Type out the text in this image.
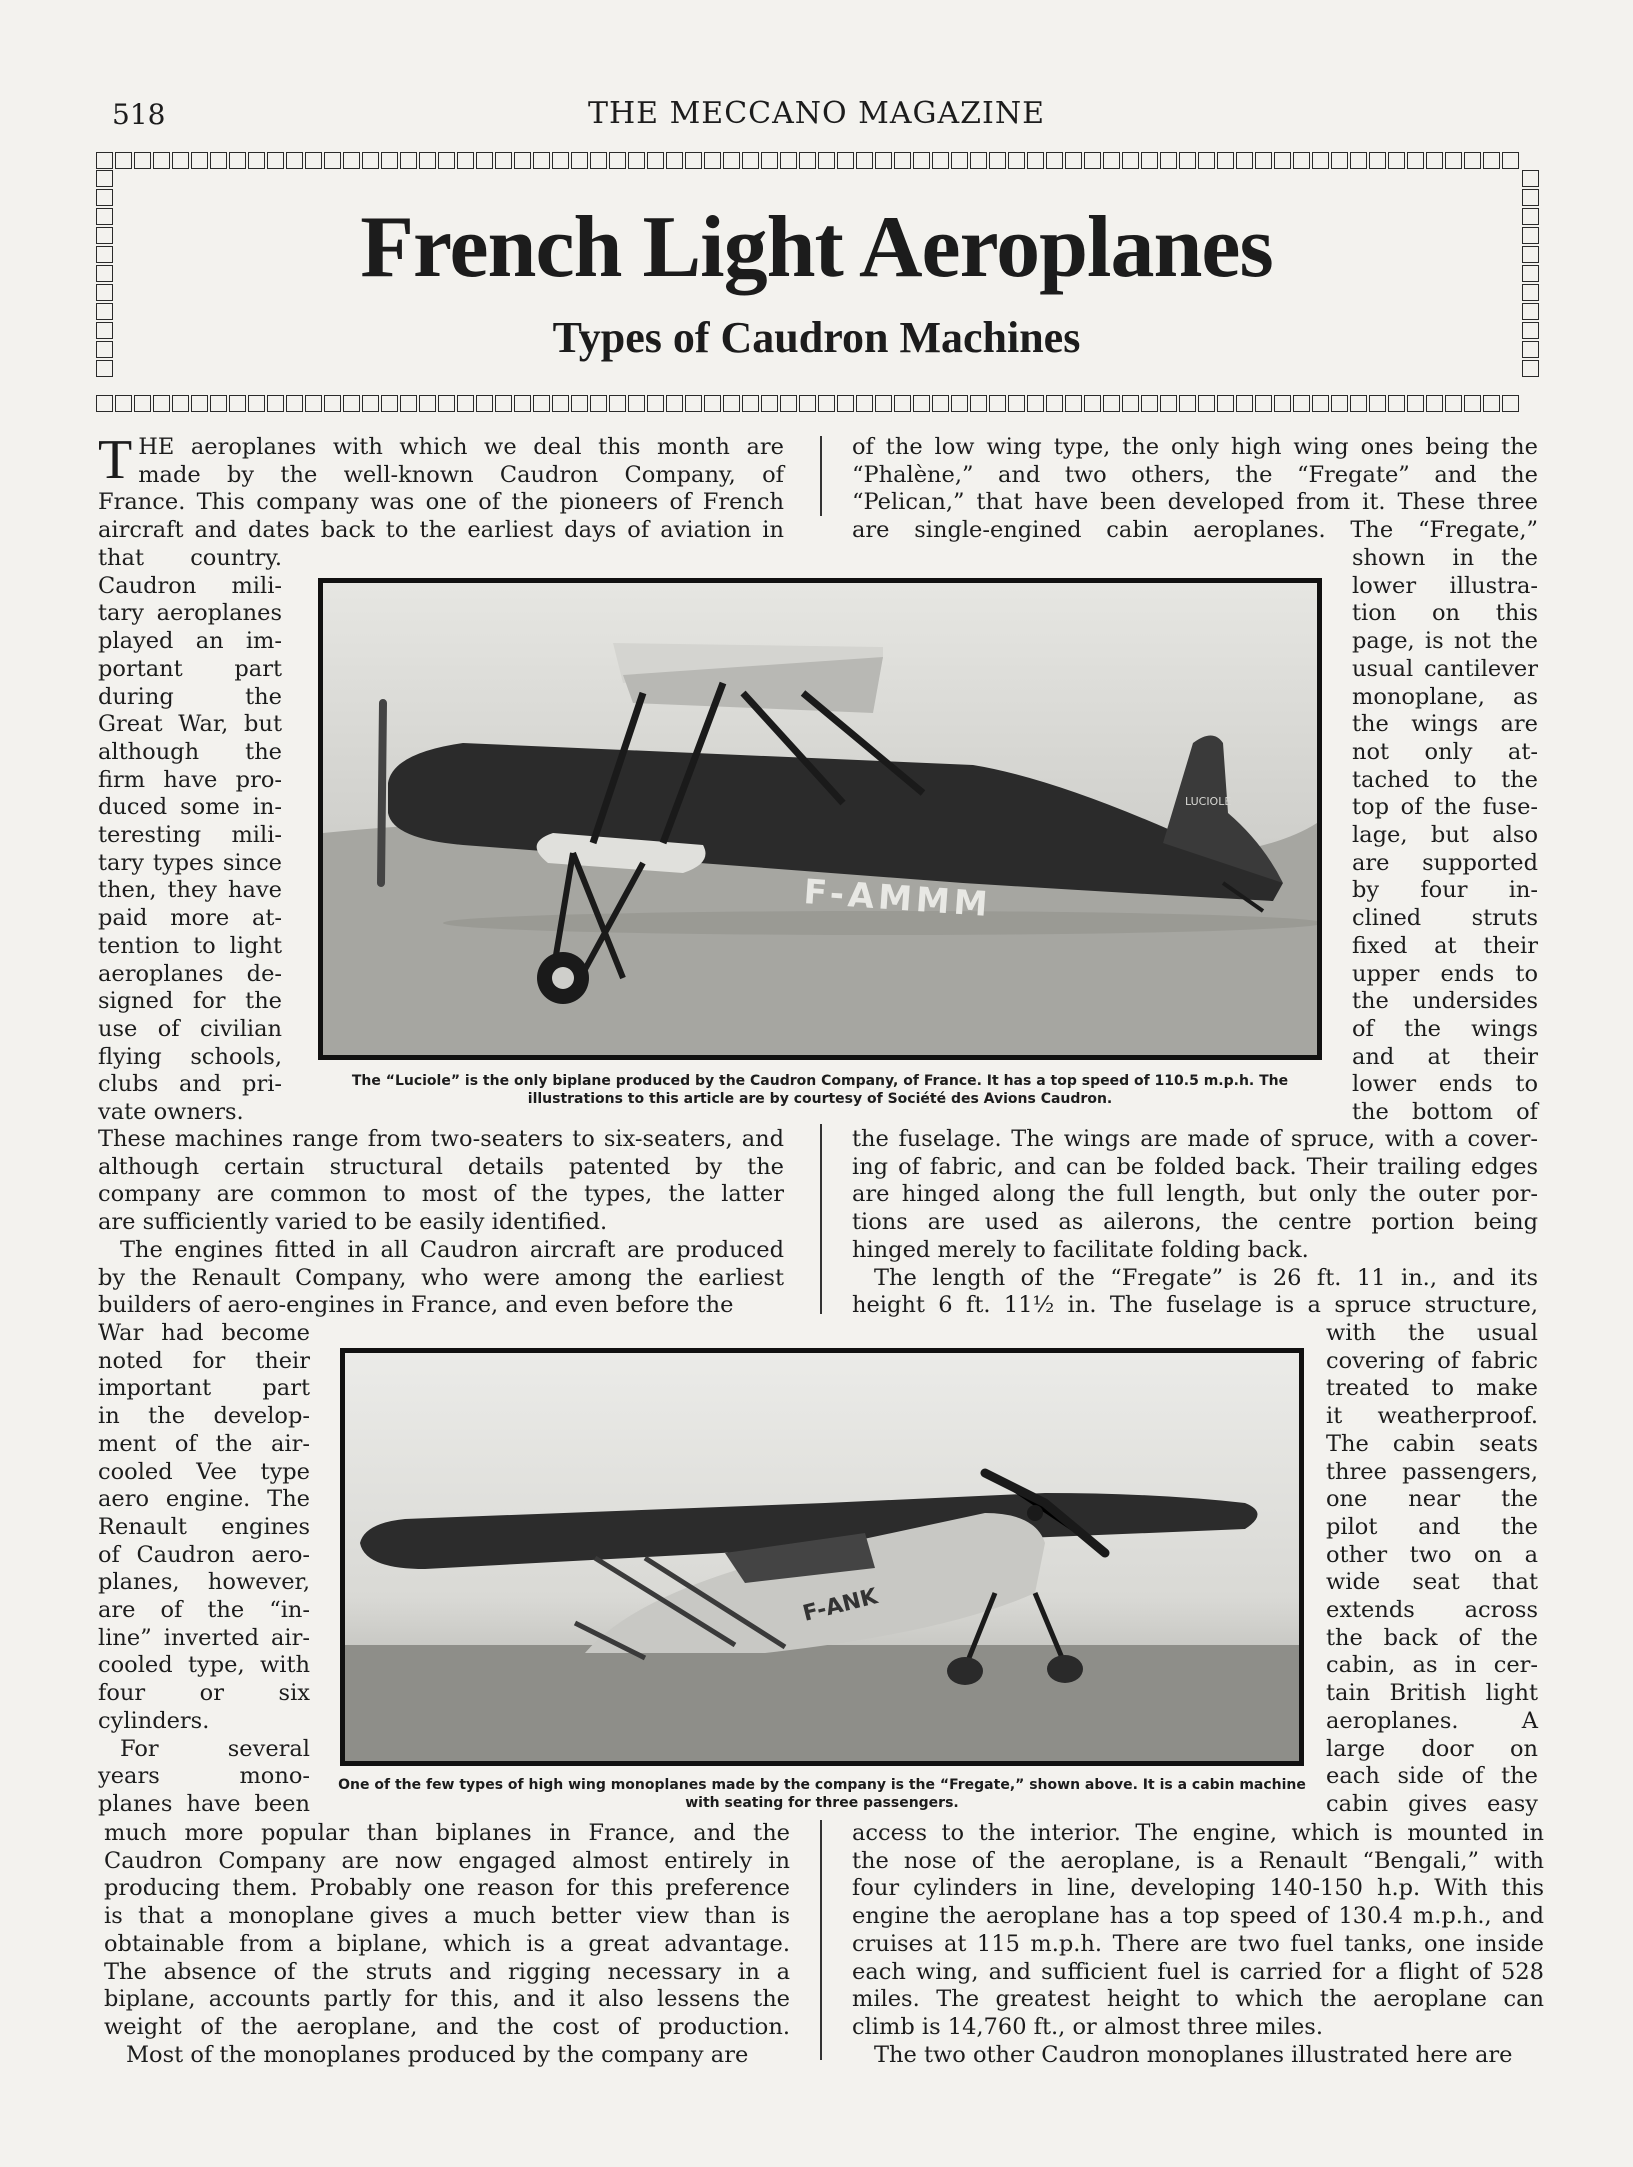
518	THE MECCANO MAGAZINE
French Light Aeroplanes
Types of Caudron Machines
T HE aeroplanes with which we deal this month are
made by the well-known Caudron Company, of
France. This company was one of the pioneers of French
aircraft and dates back to the earliest days of aviation in
that country.
Caudron mili-
tary aeroplanes
played an im-
portant part
during the
Great War, but
although the
firm have pro-
duced some in-
teresting mili-
tary types since
then, they have
paid more at-
tention to light
aeroplanes de-
signed for the
use of civilian
flying schools,
clubs and pri-
vate owners.
These machines range from two-seaters to six-seaters, and
although certain structural details patented by the
company are common to most of the types, the latter
are sufficiently varied to be easily identified.
The engines fitted in all Caudron aircraft are produced
by the Renault Company, who were among the earliest
builders of aero-engines in France, and even before the
War had become
noted for their
important part
in the develop-
ment of the air-
cooled Vee type
aero engine. The
Renault engines
of Caudron aero-
planes, however,
are of the “in-
line” inverted air-
cooled type, with
four or six
cylinders.
For several
years mono-
planes have been
much more popular than biplanes in France, and the
Caudron Company are now engaged almost entirely in
producing them. Probably one reason for this preference
is that a monoplane gives a much better view than is
obtainable from a biplane, which is a great advantage.
The absence of the struts and rigging necessary in a
biplane, accounts partly for this, and it also lessens the
weight of the aeroplane, and the cost of production.
Most of the monoplanes produced by the company are
of the low wing type, the only high wing ones being the
“Phalène,” and two others, the “Fregate” and the
“Pelican,” that have been developed from it. These three
are single-engined cabin aeroplanes. The “Fregate,”
shown in the
lower illustra-
tion on this
page, is not the
usual cantilever
monoplane, as
the wings are
not only at-
tached to the
top of the fuse-
lage, but also
are supported
by four in-
clined struts
fixed at their
upper ends to
the undersides
of the wings
and at their
lower ends to
the bottom of
the fuselage. The wings are made of spruce, with a cover-
ing of fabric, and can be folded back. Their trailing edges
are hinged along the full length, but only the outer por-
tions are used as ailerons, the centre portion being
hinged merely to facilitate folding back.
The length of the “Fregate” is 26 ft. 11 in., and its
height 6 ft. 11½ in. The fuselage is a spruce structure,
with the usual
covering of fabric
treated to make
it weatherproof.
The cabin seats
three passengers,
one near the
pilot and the
other two on a
wide seat that
extends across
the back of the
cabin, as in cer-
tain British light
aeroplanes. A
large door on
each side of the
cabin gives easy
access to the interior. The engine, which is mounted in
the nose of the aeroplane, is a Renault “Bengali,” with
four cylinders in line, developing 140-150 h.p. With this
engine the aeroplane has a top speed of 130.4 m.p.h., and
cruises at 115 m.p.h. There are two fuel tanks, one inside
each wing, and sufficient fuel is carried for a flight of 528
miles. The greatest height to which the aeroplane can
climb is 14,760 ft., or almost three miles.
The two other Caudron monoplanes illustrated here are
F-AMMM
LUCIOLE
The “Luciole” is the only biplane produced by the Caudron Company, of France. It has a top speed of 110.5 m.p.h. The
illustrations to this article are by courtesy of Société des Avions Caudron.
F-ANK
One of the few types of high wing monoplanes made by the company is the “Fregate,” shown above. It is a cabin machine
with seating for three passengers.
